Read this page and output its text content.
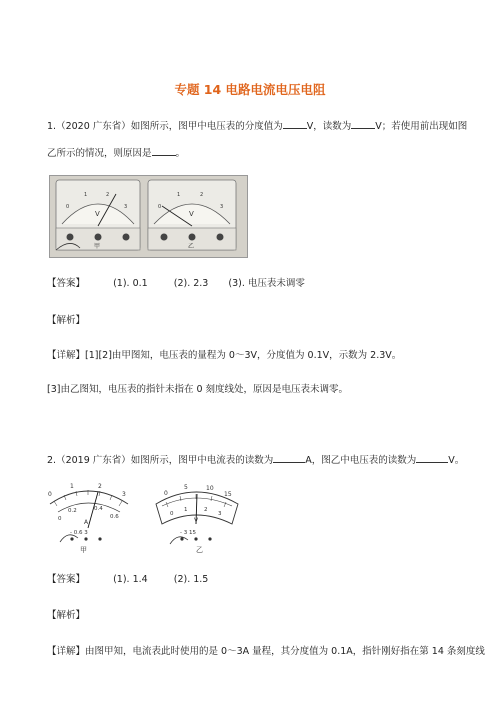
专题 14 电路电流电压电阻
1.（2020 广东省）如图所示，图甲中电压表的分度值为	V，读数为	V；若使用前出现如图
乙所示的情况，则原因是	。
0
1	2
3
V
甲
0
1	2
3
V
乙
【答案】	(1). 0.1	(2). 2.3 (3). 电压表未调零
【解析】
【详解】[1][2]由甲图知，电压表的量程为 0～3V，分度值为 0.1V，示数为 2.3V。
[3]由乙图知，电压表的指针未指在 0 刻度线处，原因是电压表未调零。
2.（2019 广东省）如图所示，图甲中电流表的读数为	A，图乙中电压表的读数为	V。
0
1	2
3
0
0.2	0.4
0.6
A
- 0.6 3
甲
0
5	10
15
0
1	2
3
V
- 3 15
乙
【答案】	(1). 1.4	(2). 1.5
【解析】
【详解】由图甲知，电流表此时使用的是 0～3A 量程，其分度值为 0.1A，指针刚好指在第 14 条刻度线
